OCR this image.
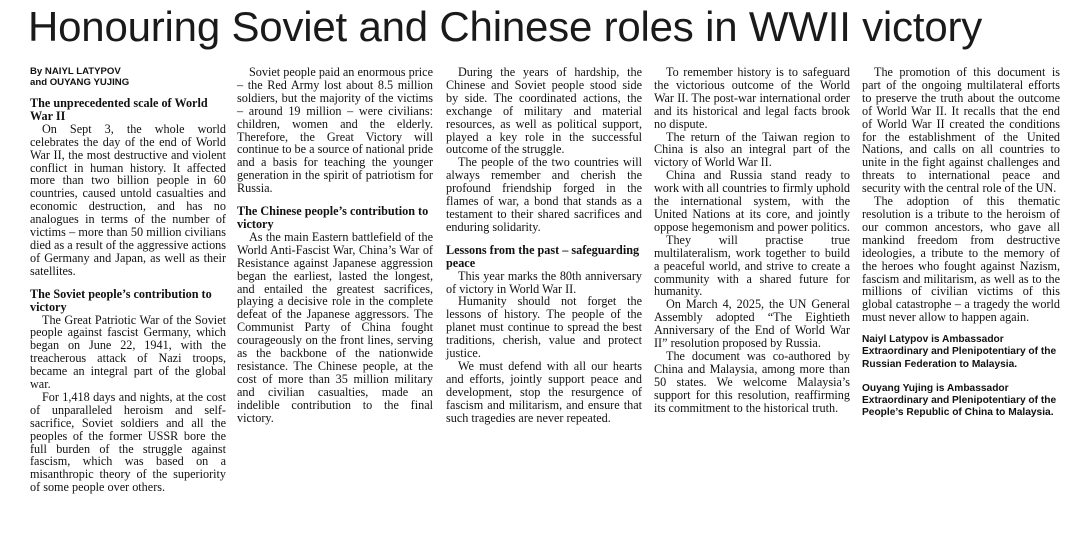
Honouring Soviet and Chinese roles in WWII victory
By NAIYL LATYPOV
and OUYANG YUJING
The unprecedented scale of World War II

On Sept 3, the whole world celebrates the day of the end of World War II, the most destructive and violent conflict in human history. It affected more than two billion people in 60 countries, caused untold casualties and economic destruction, and has no analogues in terms of the number of victims – more than 50 million civilians died as a result of the aggressive actions of Germany and Japan, as well as their satellites.

The Soviet people’s contribution to victory

The Great Patriotic War of the Soviet people against fascist Germany, which began on June 22, 1941, with the treacherous attack of Nazi troops, became an integral part of the global war.

For 1,418 days and nights, at the cost of unparalleled heroism and self-sacrifice, Soviet soldiers and all the peoples of the former USSR bore the full burden of the struggle against fascism, which was based on a misanthropic theory of the superiority of some people over others.

Soviet people paid an enormous price – the Red Army lost about 8.5 million soldiers, but the majority of the victims – around 19 million – were civilians: children, women and the elderly. Therefore, the Great Victory will continue to be a source of national pride and a basis for teaching the younger generation in the spirit of patriotism for Russia.

The Chinese people’s contribution to victory

As the main Eastern battlefield of the World Anti-Fascist War, China’s War of Resistance against Japanese aggression began the earliest, lasted the longest, and entailed the greatest sacrifices, playing a decisive role in the complete defeat of the Japanese aggressors. The Communist Party of China fought courageously on the front lines, serving as the backbone of the nationwide resistance. The Chinese people, at the cost of more than 35 million military and civilian casualties, made an indelible contribution to the final victory.

During the years of hardship, the Chinese and Soviet people stood side by side. The coordinated actions, the exchange of military and material resources, as well as political support, played a key role in the successful outcome of the struggle.

The people of the two countries will always remember and cherish the profound friendship forged in the flames of war, a bond that stands as a testament to their shared sacrifices and enduring solidarity.

Lessons from the past – safeguarding peace

This year marks the 80th anniversary of victory in World War II.

Humanity should not forget the lessons of history. The people of the planet must continue to spread the best traditions, cherish, value and protect justice.

We must defend with all our hearts and efforts, jointly support peace and development, stop the resurgence of fascism and militarism, and ensure that such tragedies are never repeated.

To remember history is to safeguard the victorious outcome of the World War II. The post-war international order and its historical and legal facts brook no dispute.

The return of the Taiwan region to China is also an integral part of the victory of World War II.

China and Russia stand ready to work with all countries to firmly uphold the international system, with the United Nations at its core, and jointly oppose hegemonism and power politics.

They will practise true multilateralism, work together to build a peaceful world, and strive to create a community with a shared future for humanity.

On March 4, 2025, the UN General Assembly adopted “The Eightieth Anniversary of the End of World War II” resolution proposed by Russia.

The document was co-authored by China and Malaysia, among more than 50 states. We welcome Malaysia’s support for this resolution, reaffirming its commitment to the historical truth.

The promotion of this document is part of the ongoing multilateral efforts to preserve the truth about the outcome of World War II. It recalls that the end of World War II created the conditions for the establishment of the United Nations, and calls on all countries to unite in the fight against challenges and threats to international peace and security with the central role of the UN.

The adoption of this thematic resolution is a tribute to the heroism of our common ancestors, who gave all mankind freedom from destructive ideologies, a tribute to the memory of the heroes who fought against Nazism, fascism and militarism, as well as to the millions of civilian victims of this global catastrophe – a tragedy the world must never allow to happen again.

Naiyl Latypov is Ambassador Extraordinary and Plenipotentiary of the Russian Federation to Malaysia.
Ouyang Yujing is Ambassador Extraordinary and Plenipotentiary of the People’s Republic of China to Malaysia.
